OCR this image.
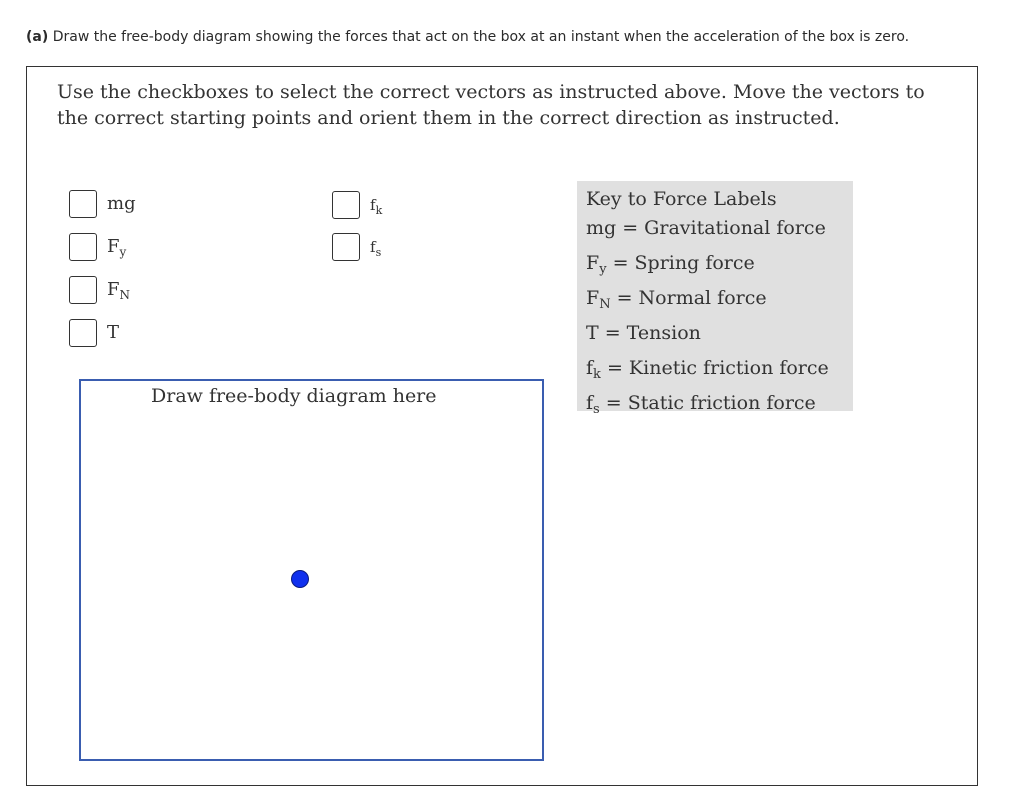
(a) Draw the free-body diagram showing the forces that act on the box at an instant when the acceleration of the box is zero.
Use the checkboxes to select the correct vectors as instructed above. Move the vectors to the correct starting points and orient them in the correct direction as instructed.
mg
$F_y$
$F_N$
T
$f_k$
$f_s$
Key to Force Labels
mg = Gravitational force
$F_y$ = Spring force
$F_N$ = Normal force
T = Tension
$f_k$ = Kinetic friction force
$f_s$ = Static friction force
Draw free-body diagram here
